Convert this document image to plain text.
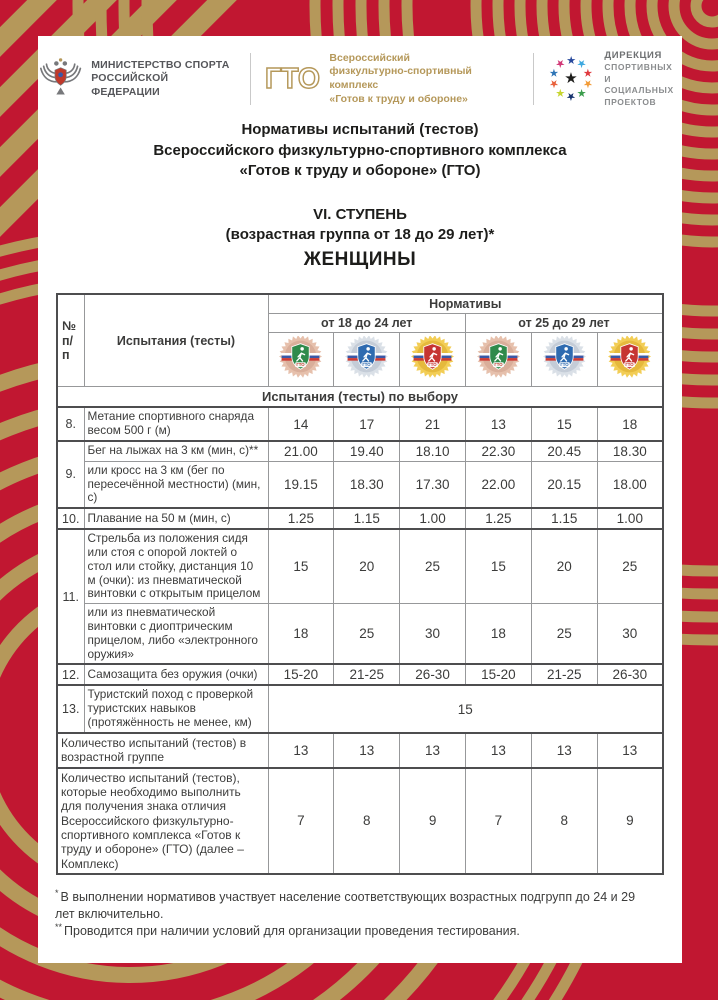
МИНИСТЕРСТВО СПОРТА
РОССИЙСКОЙ ФЕДЕРАЦИИ	ГТО
Всероссийский
физкультурно-спортивный комплекс
«Готов к труду и обороне»
★
★
★
★
★
★
★
★
★
★
★
ДИРЕКЦИЯ
СПОРТИВНЫХ
И СОЦИАЛЬНЫХ
ПРОЕКТОВ
Нормативы испытаний (тестов)
Всероссийского физкультурно-спортивного комплекса
«Готов к труду и обороне» (ГТО)
VI. СТУПЕНЬ
(возрастная группа от 18 до 29 лет)*
ЖЕНЩИНЫ
№
п/п	Испытания (тесты)	Нормативы					
		от 18 до 24 лет			от 25 до 29 лет		

ГТО	ГТО	ГТО	ГТО	ГТО	ГТО

Испытания (тесты) по выбору							
8.	Метание спортивного снаряда весом 500 г (м)	14	17	21	13	15	18
9.	Бег на лыжах на 3 км (мин, с)**	21.00	19.40	18.10	22.30	20.45	18.30
	или кросс на 3 км (бег по пересечённой местности) (мин, с)	19.15	18.30	17.30	22.00	20.15	18.00
10.	Плавание на 50 м (мин, с)	1.25	1.15	1.00	1.25	1.15	1.00
11.	Стрельба из положения сидя или стоя с опорой локтей о стол или стойку, дистанция 10 м (очки): из пневматической винтовки с открытым прицелом	15	20	25	15	20	25
	или из пневматической винтовки с диоптрическим прицелом, либо «электронного оружия»	18	25	30	18	25	30
12.	Самозащита без оружия (очки)	15-20	21-25	26-30	15-20	21-25	26-30
13.	Туристский поход с проверкой туристских навыков (протяжённость не менее, км)	15					
Количество испытаний (тестов) в возрастной группе		13	13	13	13	13	13
Количество испытаний (тестов), которые необходимо выполнить для получения знака отличия Всероссийского физкультурно-спортивного комплекса «Готов к труду и обороне» (ГТО) (далее – Комплекс)		7	8	9	7	8	9

* В выполнении нормативов участвует население соответствующих возрастных подгрупп до 24 и 29 лет включительно.

** Проводится при наличии условий для организации проведения тестирования.
